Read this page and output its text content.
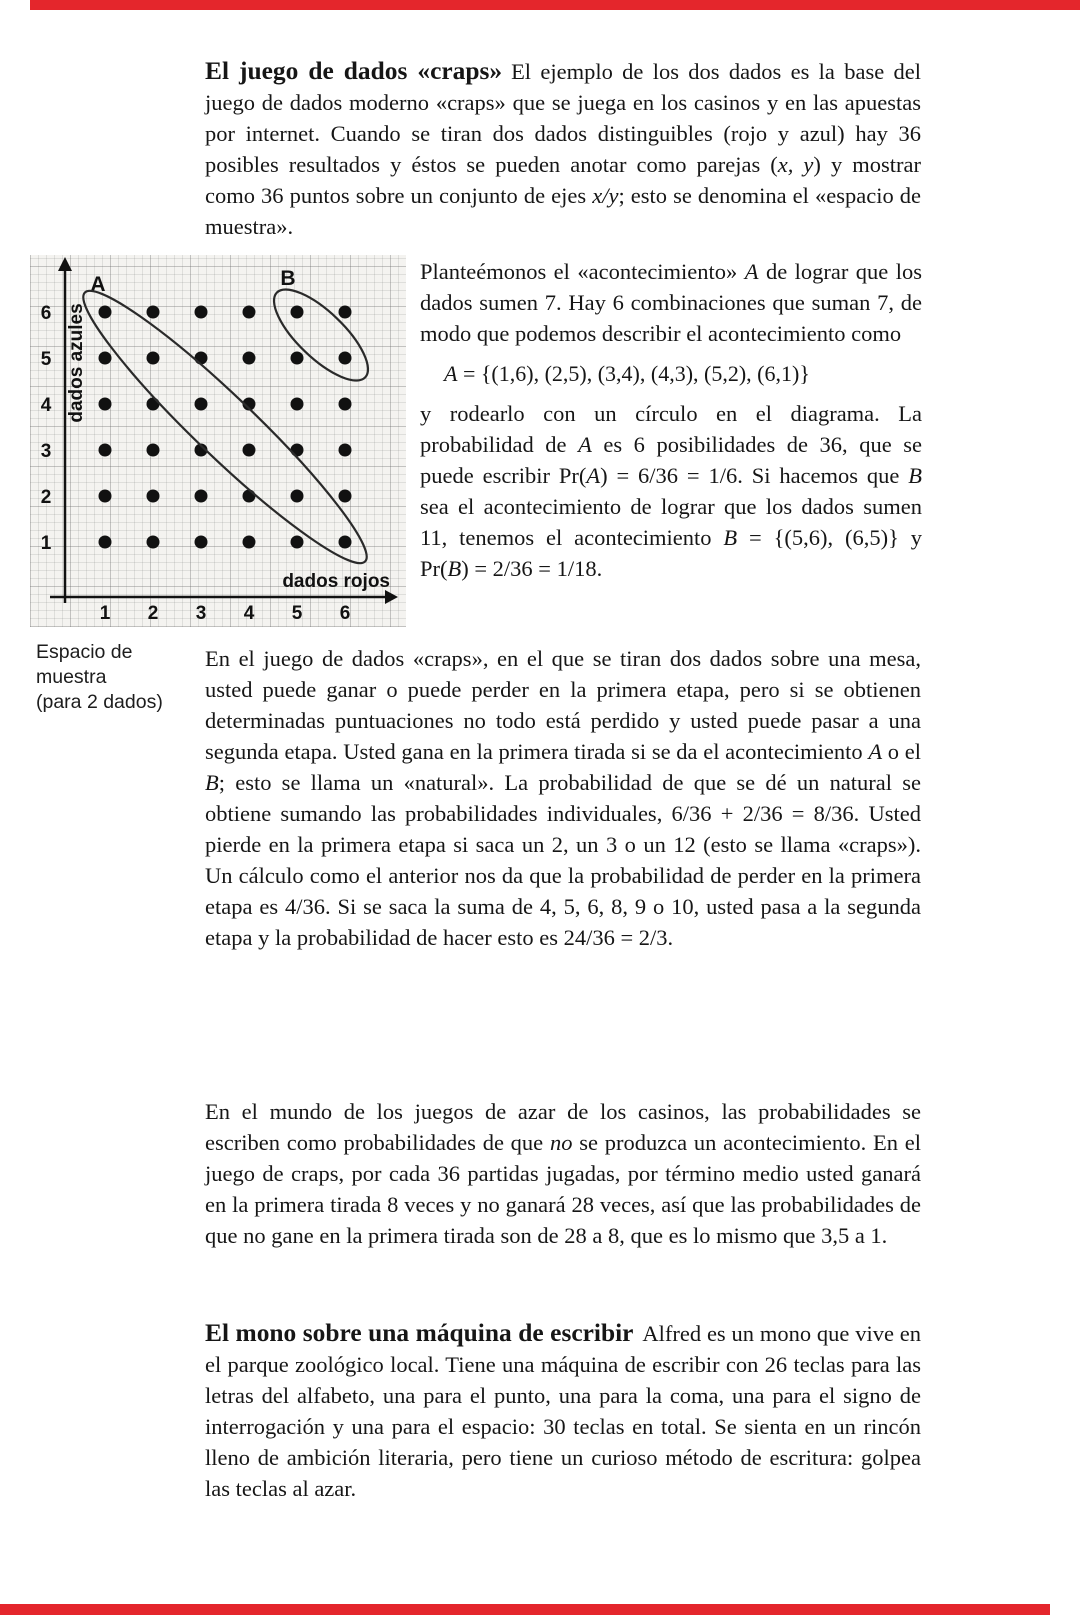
El juego de dados «craps» El ejemplo de los dos dados es la base del juego de dados moderno «craps» que se juega en los casinos y en las apuestas por internet. Cuando se tiran dos dados distinguibles (rojo y azul) hay 36 posibles resultados y éstos se pueden anotar como parejas (x, y) y mostrar como 36 puntos sobre un conjunto de ejes x/y; esto se denomina el «espacio de muestra».

6
5
4
3
2
1
1 2 3 4 5 6
A	B
dados azules
dados rojos
Espacio de
muestra
(para 2 dados)

Planteémonos el «acontecimiento» A de lograr que los dados sumen 7. Hay 6 combinaciones que suman 7, de modo que podemos describir el acontecimiento como

A = {(1,6), (2,5), (3,4), (4,3), (5,2), (6,1)}

y rodearlo con un círculo en el diagrama. La probabilidad de A es 6 posibilidades de 36, que se puede escribir Pr(A) = 6/36 = 1/6. Si hacemos que B sea el acontecimiento de lograr que los dados sumen 11, tenemos el acontecimiento B = {(5,6), (6,5)} y Pr(B) = 2/36 = 1/18.

En el juego de dados «craps», en el que se tiran dos dados sobre una mesa, usted puede ganar o puede perder en la primera etapa, pero si se obtienen determinadas puntuaciones no todo está perdido y usted puede pasar a una segunda etapa. Usted gana en la primera tirada si se da el acontecimiento A o el B; esto se llama un «natural». La probabilidad de que se dé un natural se obtiene sumando las probabilidades individuales, 6/36 + 2/36 = 8/36. Usted pierde en la primera etapa si saca un 2, un 3 o un 12 (esto se llama «craps»). Un cálculo como el anterior nos da que la probabilidad de perder en la primera etapa es 4/36. Si se saca la suma de 4, 5, 6, 8, 9 o 10, usted pasa a la segunda etapa y la probabilidad de hacer esto es 24/36 = 2/3.

En el mundo de los juegos de azar de los casinos, las probabilidades se escriben como probabilidades de que no se produzca un acontecimiento. En el juego de craps, por cada 36 partidas jugadas, por término medio usted ganará en la primera tirada 8 veces y no ganará 28 veces, así que las probabilidades de que no gane en la primera tirada son de 28 a 8, que es lo mismo que 3,5 a 1.

El mono sobre una máquina de escribir Alfred es un mono que vive en el parque zoológico local. Tiene una máquina de escribir con 26 teclas para las letras del alfabeto, una para el punto, una para la coma, una para el signo de interrogación y una para el espacio: 30 teclas en total. Se sienta en un rincón lleno de ambición literaria, pero tiene un curioso método de escritura: golpea las teclas al azar.
